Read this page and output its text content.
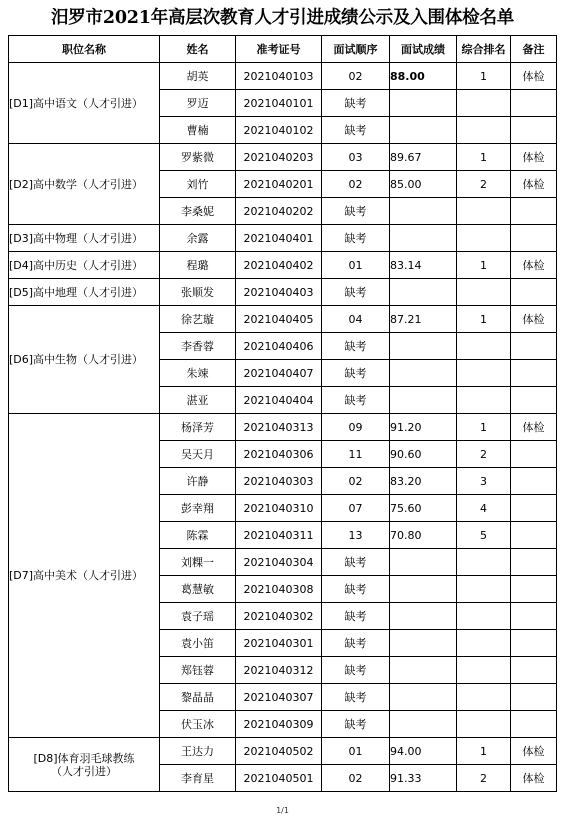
汨罗市2021年高层次教育人才引进成绩公示及入围体检名单
职位名称	姓名	准考证号	面试顺序	面试成绩	综合排名	备注
[D1]高中语文（人才引进）	胡英	2021040103	02	88.00	1	体检
	罗迈	2021040101	缺考			
	曹楠	2021040102	缺考			
[D2]高中数学（人才引进）	罗紫微	2021040203	03	89.67	1	体检
	刘竹	2021040201	02	85.00	2	体检
	李桑妮	2021040202	缺考			
[D3]高中物理（人才引进）	余露	2021040401	缺考			
[D4]高中历史（人才引进）	程璐	2021040402	01	83.14	1	体检
[D5]高中地理（人才引进）	张顺发	2021040403	缺考			
[D6]高中生物（人才引进）	徐艺璇	2021040405	04	87.21	1	体检
	李香蓉	2021040406	缺考			
	朱竦	2021040407	缺考			
	湛亚	2021040404	缺考			
[D7]高中美术（人才引进）	杨泽芳	2021040313	09	91.20	1	体检
	吴天月	2021040306	11	90.60	2	
	许静	2021040303	02	83.20	3	
	彭幸翔	2021040310	07	75.60	4	
	陈霖	2021040311	13	70.80	5	
	刘粿一	2021040304	缺考			
	葛慧敏	2021040308	缺考			
	袁子瑶	2021040302	缺考			
	袁小笛	2021040301	缺考			
	郑钰蓉	2021040312	缺考			
	黎晶晶	2021040307	缺考			
	伏玉冰	2021040309	缺考			
[D8]体育羽毛球教练（人才引进）	王达力	2021040502	01	94.00	1	体检
	李育星	2021040501	02	91.33	2	体检
1/1
